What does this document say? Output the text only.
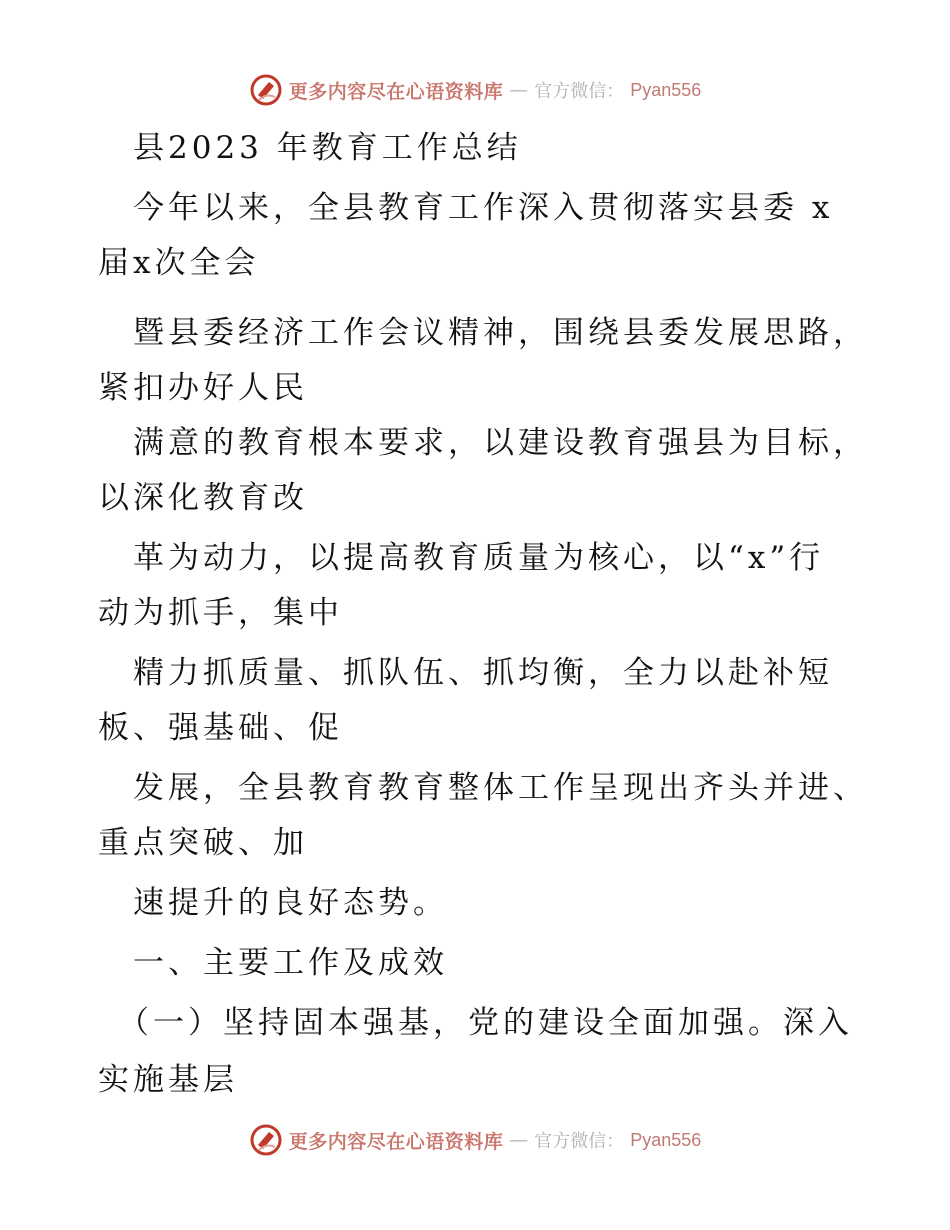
更多内容尽在心语资料库 — 官方微信： Pyan556
县2023 年教育工作总结
今年以来，全县教育工作深入贯彻落实县委 x
届x次全会
暨县委经济工作会议精神，围绕县委发展思路，
紧扣办好人民
满意的教育根本要求，以建设教育强县为目标，
以深化教育改
革为动力，以提高教育质量为核心，以“x”行
动为抓手，集中
精力抓质量、抓队伍、抓均衡，全力以赴补短
板、强基础、促
发展，全县教育教育整体工作呈现出齐头并进、
重点突破、加
速提升的良好态势。
一、主要工作及成效
（一）坚持固本强基，党的建设全面加强。深入
实施基层
更多内容尽在心语资料库 — 官方微信： Pyan556
